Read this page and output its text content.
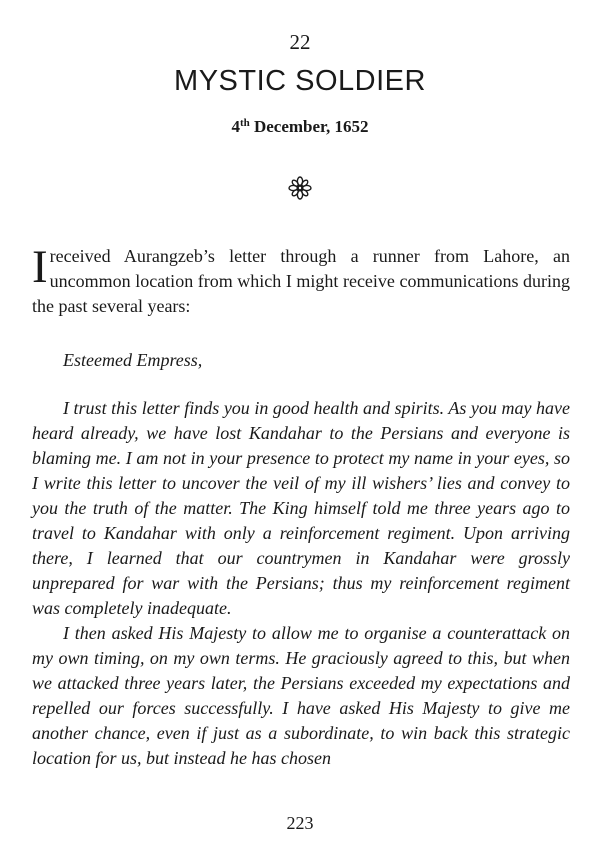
22
MYSTIC SOLDIER
4th December, 1652
Ireceived Aurangzeb’s letter through a runner from Lahore, an uncommon location from which I might receive communications during the past several years:

Esteemed Empress,

I trust this letter finds you in good health and spirits. As you may have heard already, we have lost Kandahar to the Persians and everyone is blaming me. I am not in your presence to protect my name in your eyes, so I write this letter to uncover the veil of my ill wishers’ lies and convey to you the truth of the matter. The King himself told me three years ago to travel to Kandahar with only a reinforcement regiment. Upon arriving there, I learned that our countrymen in Kandahar were grossly unprepared for war with the Persians; thus my reinforcement regiment was completely inadequate.

I then asked His Majesty to allow me to organise a counterattack on my own timing, on my own terms. He graciously agreed to this, but when we attacked three years later, the Persians exceeded my expectations and repelled our forces successfully. I have asked His Majesty to give me another chance, even if just as a subordinate, to win back this strategic location for us, but instead he has chosen

223
